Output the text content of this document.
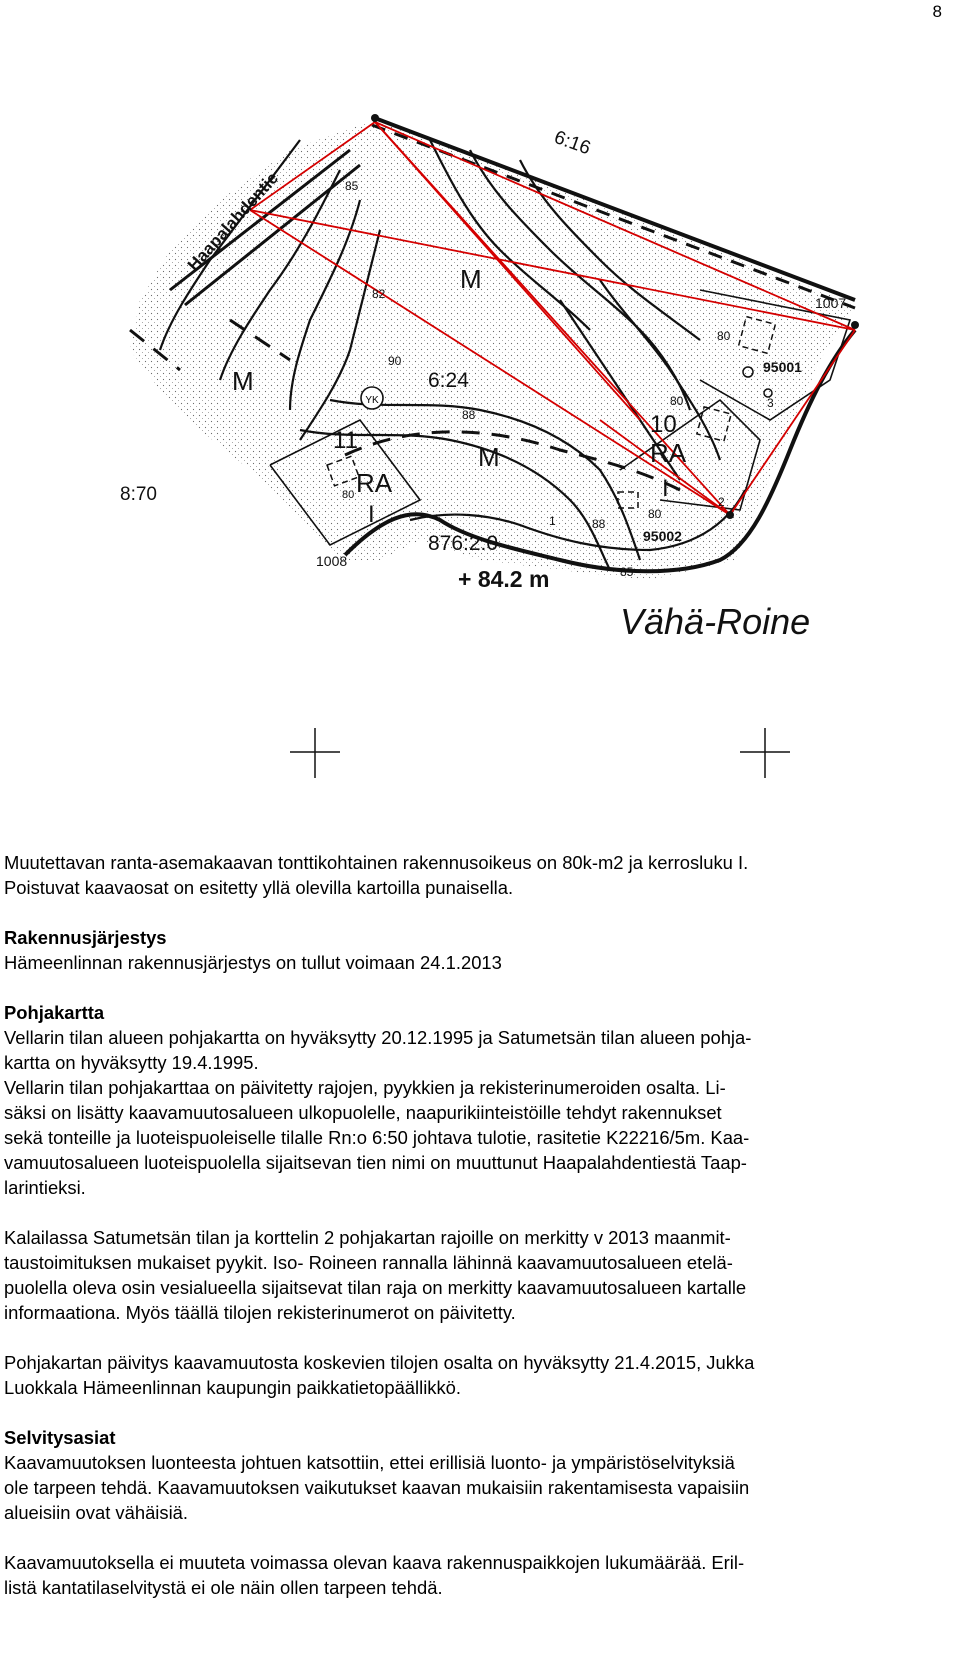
8
YK
Haapalahdentie
6:16
6:24
8:70
876:2:0
+ 84.2 m
Vähä-Roine
M
M
M
11
10
RA
RA
I
I
85
82
90
88
80
80
80
80
88
85
1
2
3
1007
1008
95001
95002

Muutettavan ranta-asemakaavan tonttikohtainen rakennusoikeus on 80k-m2 ja kerrosluku I.

Poistuvat kaavaosat on esitetty yllä olevilla kartoilla punaisella.

Rakennusjärjestys

Hämeenlinnan rakennusjärjestys on tullut voimaan 24.1.2013

Pohjakartta

Vellarin tilan alueen pohjakartta on hyväksytty 20.12.1995 ja Satumetsän tilan alueen pohja-

kartta on hyväksytty 19.4.1995.

Vellarin tilan pohjakarttaa on päivitetty rajojen, pyykkien ja rekisterinumeroiden osalta. Li-

säksi on lisätty kaavamuutosalueen ulkopuolelle, naapurikiinteistöille tehdyt rakennukset

sekä tonteille ja luoteispuoleiselle tilalle Rn:o 6:50 johtava tulotie, rasitetie K22216/5m. Kaa-

vamuutosalueen luoteispuolella sijaitsevan tien nimi on muuttunut Haapalahdentiestä Taap-

larintieksi.

Kalailassa Satumetsän tilan ja korttelin 2 pohjakartan rajoille on merkitty v 2013 maanmit-

taustoimituksen mukaiset pyykit. Iso- Roineen rannalla lähinnä kaavamuutosalueen etelä-

puolella oleva osin vesialueella sijaitsevat tilan raja on merkitty kaavamuutosalueen kartalle

informaationa. Myös täällä tilojen rekisterinumerot on päivitetty.

Pohjakartan päivitys kaavamuutosta koskevien tilojen osalta on hyväksytty 21.4.2015, Jukka

Luokkala Hämeenlinnan kaupungin paikkatietopäällikkö.

Selvitysasiat

Kaavamuutoksen luonteesta johtuen katsottiin, ettei erillisiä luonto- ja ympäristöselvityksiä

ole tarpeen tehdä. Kaavamuutoksen vaikutukset kaavan mukaisiin rakentamisesta vapaisiin

alueisiin ovat vähäisiä.

Kaavamuutoksella ei muuteta voimassa olevan kaava rakennuspaikkojen lukumäärää. Eril-

listä kantatilaselvitystä ei ole näin ollen tarpeen tehdä.
